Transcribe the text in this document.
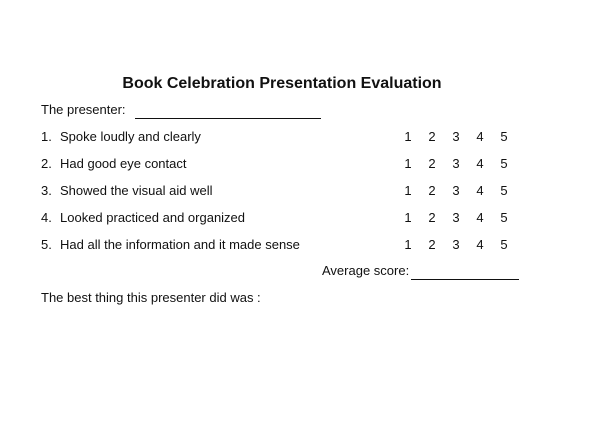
Book Celebration Presentation Evaluation
The presenter:
1. Spoke loudly and clearly	1	2	3	4	5
2. Had good eye contact	1	2	3	4	5
3. Showed the visual aid well	1	2	3	4	5
4. Looked practiced and organized	1	2	3	4	5
5. Had all the information and it made sense	1	2	3	4	5
Average score:
The best thing this presenter did was :
